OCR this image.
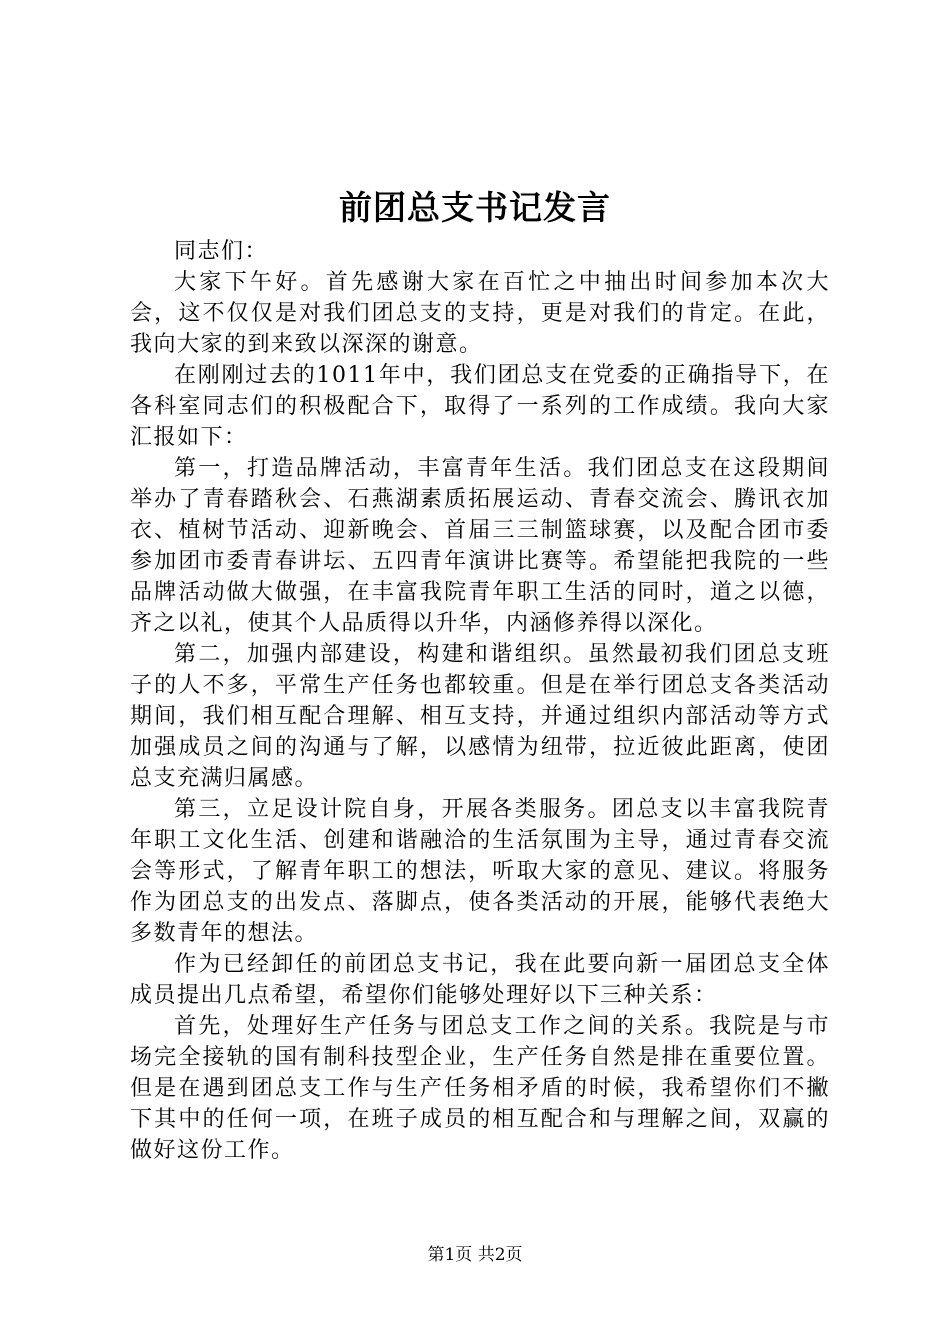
前团总支书记发言

同志们：

大家下午好。首先感谢大家在百忙之中抽出时间参加本次大会，这不仅仅是对我们团总支的支持，更是对我们的肯定。在此，我向大家的到来致以深深的谢意。

在刚刚过去的1011年中，我们团总支在党委的正确指导下，在各科室同志们的积极配合下，取得了一系列的工作成绩。我向大家汇报如下：

第一，打造品牌活动，丰富青年生活。我们团总支在这段期间举办了青春踏秋会、石燕湖素质拓展运动、青春交流会、腾讯衣加衣、植树节活动、迎新晚会、首届三三制篮球赛，以及配合团市委参加团市委青春讲坛、五四青年演讲比赛等。希望能把我院的一些品牌活动做大做强，在丰富我院青年职工生活的同时，道之以德，齐之以礼，使其个人品质得以升华，内涵修养得以深化。

第二，加强内部建设，构建和谐组织。虽然最初我们团总支班子的人不多，平常生产任务也都较重。但是在举行团总支各类活动期间，我们相互配合理解、相互支持，并通过组织内部活动等方式加强成员之间的沟通与了解，以感情为纽带，拉近彼此距离，使团总支充满归属感。

第三，立足设计院自身，开展各类服务。团总支以丰富我院青年职工文化生活、创建和谐融洽的生活氛围为主导，通过青春交流会等形式，了解青年职工的想法，听取大家的意见、建议。将服务作为团总支的出发点、落脚点，使各类活动的开展，能够代表绝大多数青年的想法。

作为已经卸任的前团总支书记，我在此要向新一届团总支全体成员提出几点希望，希望你们能够处理好以下三种关系：

首先，处理好生产任务与团总支工作之间的关系。我院是与市场完全接轨的国有制科技型企业，生产任务自然是排在重要位置。但是在遇到团总支工作与生产任务相矛盾的时候，我希望你们不撇下其中的任何一项，在班子成员的相互配合和与理解之间，双赢的做好这份工作。

第1页 共2页
